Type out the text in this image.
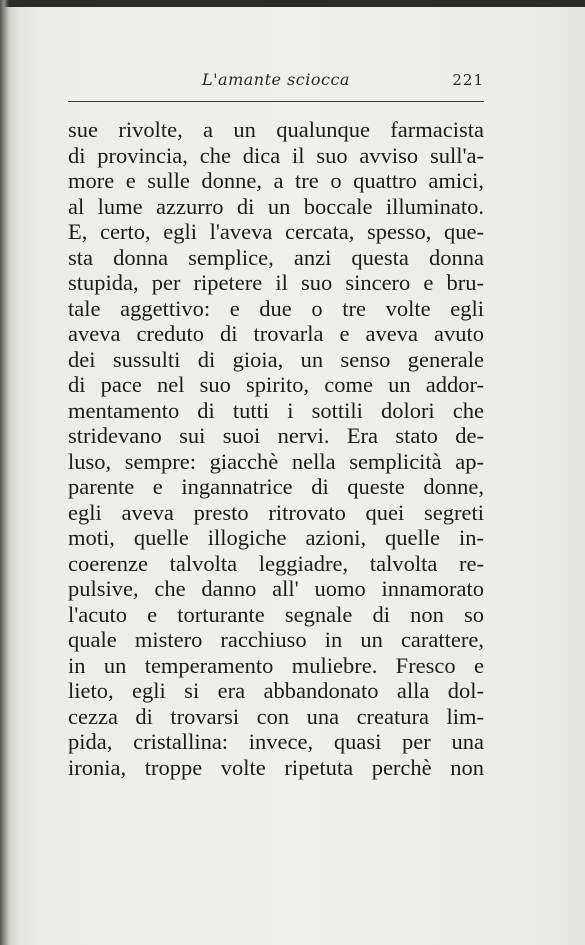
L'amante sciocca	221
sue rivolte, a un qualunque farmacista
di provincia, che dica il suo avviso sull'a-
more e sulle donne, a tre o quattro amici,
al lume azzurro di un boccale illuminato.
E, certo, egli l'aveva cercata, spesso, que-
sta donna semplice, anzi questa donna
stupida, per ripetere il suo sincero e bru-
tale aggettivo: e due o tre volte egli
aveva creduto di trovarla e aveva avuto
dei sussulti di gioia, un senso generale
di pace nel suo spirito, come un addor-
mentamento di tutti i sottili dolori che
stridevano sui suoi nervi. Era stato de-
luso, sempre: giacchè nella semplicità ap-
parente e ingannatrice di queste donne,
egli aveva presto ritrovato quei segreti
moti, quelle illogiche azioni, quelle in-
coerenze talvolta leggiadre, talvolta re-
pulsive, che danno all' uomo innamorato
l'acuto e torturante segnale di non so
quale mistero racchiuso in un carattere,
in un temperamento muliebre. Fresco e
lieto, egli si era abbandonato alla dol-
cezza di trovarsi con una creatura lim-
pida, cristallina: invece, quasi per una
ironia, troppe volte ripetuta perchè non
